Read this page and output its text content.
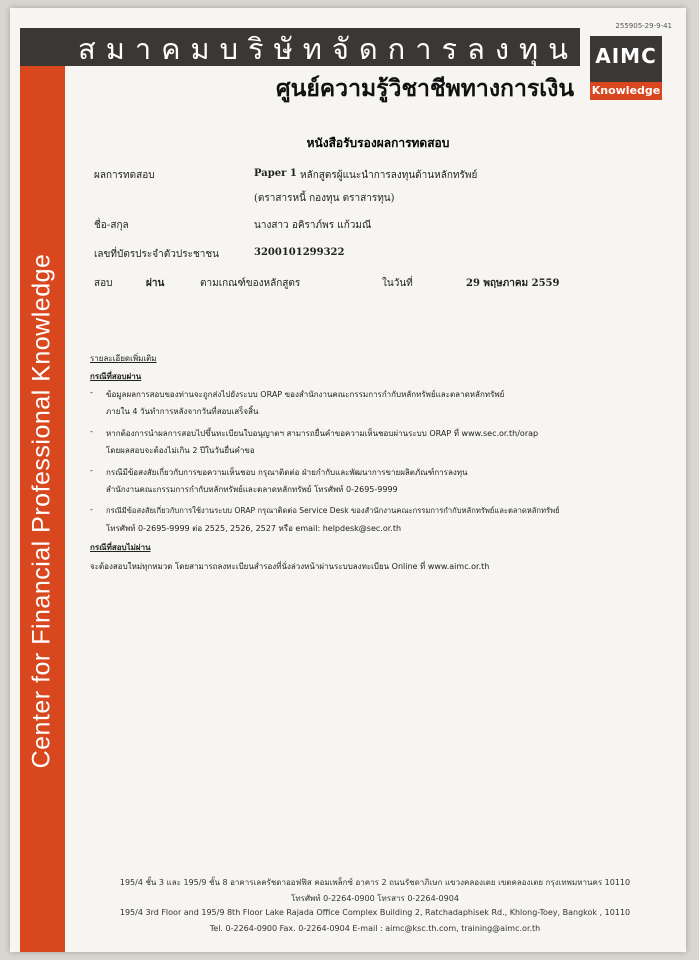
255905-29-9-41
สมาคมบริษัทจัดการลงทุน AIMC
Knowledge
ศูนย์ความรู้วิชาชีพทางการเงิน
Center for Financial Professional Knowledge
หนังสือรับรองผลการทดสอบ
ผลการทดสอบ	Paper 1 หลักสูตรผู้แนะนำการลงทุนด้านหลักทรัพย์
(ตราสารหนี้ กองทุน ตราสารทุน)
ชื่อ-สกุล	นางสาว อคิราภ์พร แก้วมณี
เลขที่บัตรประจำตัวประชาชน	3200101299322
สอบ	ผ่าน	ตามเกณฑ์ของหลักสูตร	ในวันที่	29 พฤษภาคม 2559
รายละเอียดเพิ่มเติม
กรณีที่สอบผ่าน
- ข้อมูลผลการสอบของท่านจะถูกส่งไปยังระบบ ORAP ของสำนักงานคณะกรรมการกำกับหลักทรัพย์และตลาดหลักทรัพย์
ภายใน 4 วันทำการหลังจากวันที่สอบเสร็จสิ้น
- หากต้องการนำผลการสอบไปขึ้นทะเบียนใบอนุญาตฯ สามารถยื่นคำขอความเห็นชอบผ่านระบบ ORAP ที่ www.sec.or.th/orap
โดยผลสอบจะต้องไม่เกิน 2 ปีในวันยื่นคำขอ
- กรณีมีข้อสงสัยเกี่ยวกับการขอความเห็นชอบ กรุณาติดต่อ ฝ่ายกำกับและพัฒนาการขายผลิตภัณฑ์การลงทุน
สำนักงานคณะกรรมการกำกับหลักทรัพย์และตลาดหลักทรัพย์ โทรศัพท์ 0-2695-9999
- กรณีมีข้อสงสัยเกี่ยวกับการใช้งานระบบ ORAP กรุณาติดต่อ Service Desk ของสำนักงานคณะกรรมการกำกับหลักทรัพย์และตลาดหลักทรัพย์
โทรศัพท์ 0-2695-9999 ต่อ 2525, 2526, 2527 หรือ email: helpdesk@sec.or.th
กรณีที่สอบไม่ผ่าน
จะต้องสอบใหม่ทุกหมวด โดยสามารถลงทะเบียนสำรองที่นั่งล่วงหน้าผ่านระบบลงทะเบียน Online ที่ www.aimc.or.th
195/4 ชั้น 3 และ 195/9 ชั้น 8 อาคารเลครัชดาออฟฟิส คอมเพล็กซ์ อาคาร 2 ถนนรัชดาภิเษก แขวงคลองเตย เขตคลองเตย กรุงเทพมหานคร 10110
โทรศัพท์ 0-2264-0900 โทรสาร 0-2264-0904
195/4 3rd Floor and 195/9 8th Floor Lake Rajada Office Complex Building 2, Ratchadaphisek Rd., Khlong-Toey, Bangkok , 10110
Tel. 0-2264-0900 Fax. 0-2264-0904 E-mail : aimc@ksc.th.com, training@aimc.or.th
